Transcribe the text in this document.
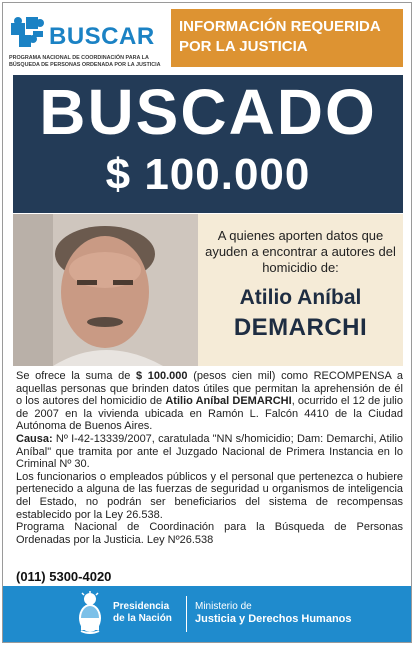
BUSCAR
PROGRAMA NACIONAL DE COORDINACIÓN PARA LA
BÚSQUEDA DE PERSONAS ORDENADA POR LA JUSTICIA
INFORMACIÓN REQUERIDA
POR LA JUSTICIA
BUSCADO
$ 100.000
A quienes aporten datos que ayuden a encontrar a autores del homicidio de:
Atilio Aníbal
DEMARCHI

Se ofrece la suma de $ 100.000 (pesos cien mil) como RECOMPENSA a aquellas personas que brinden datos útiles que permitan la aprehensión de él o los autores del homicidio de Atilio Aníbal DEMARCHI, ocurrido el 12 de julio de 2007 en la vivienda ubicada en Ramón L. Falcón 4410 de la Ciudad Autónoma de Buenos Aires.

Causa: Nº I-42-13339/2007, caratulada "NN s/homicidio; Dam: Demarchi, Atilio Aníbal" que tramita por ante el Juzgado Nacional de Primera Instancia en lo Criminal Nº 30.

Los funcionarios o empleados públicos y el personal que pertenezca o hubiere pertenecido a alguna de las fuerzas de seguridad u organismos de inteligencia del Estado, no podrán ser beneficiarios del sistema de recompensas establecido por la Ley 26.538.

Programa Nacional de Coordinación para la Búsqueda de Personas Ordenadas por la Justicia. Ley Nº26.538

(011) 5300-4020
Presidencia
de la Nación
Ministerio de
Justicia y Derechos Humanos
